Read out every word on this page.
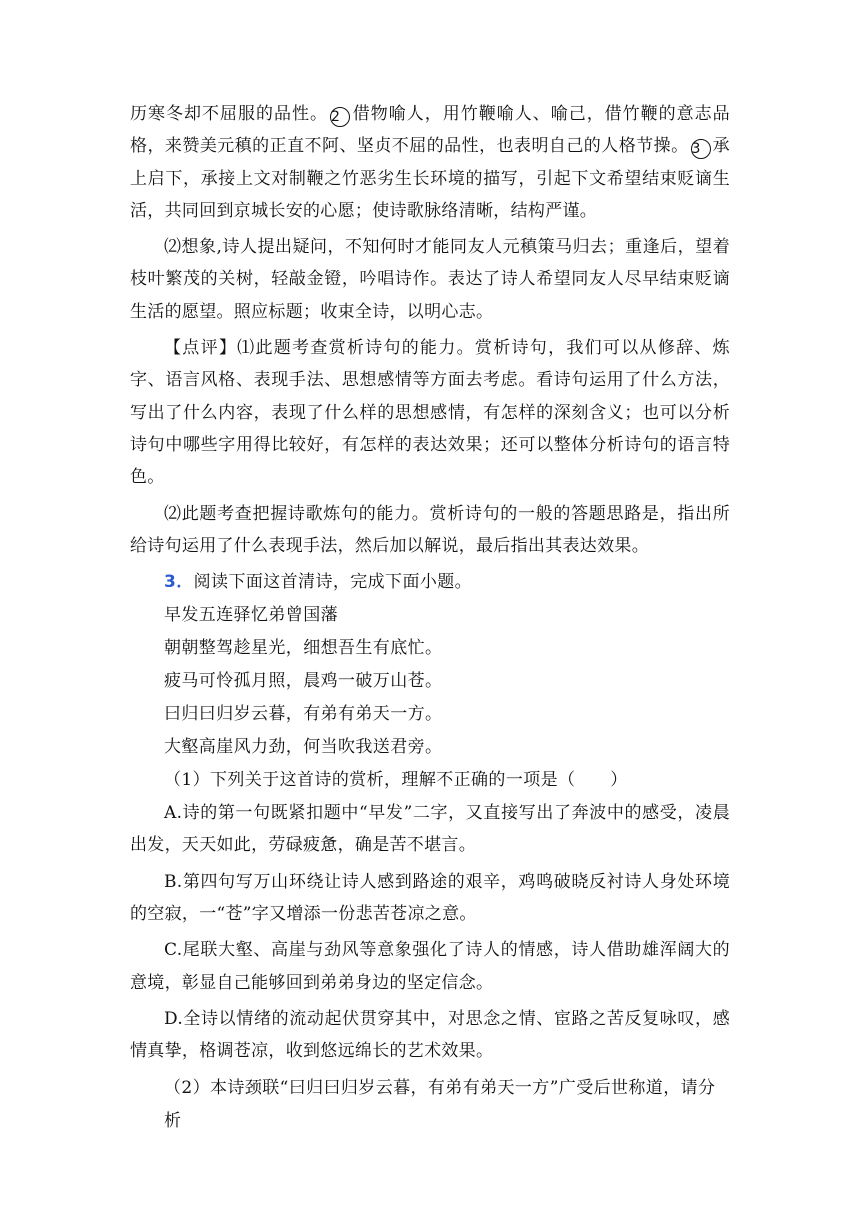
历寒冬却不屈服的品性。 2 借物喻人，用竹鞭喻人、喻己，借竹鞭的意志品格，来赞美元稹的正直不阿、坚贞不屈的品性，也表明自己的人格节操。 3 承上启下，承接上文对制鞭之竹恶劣生长环境的描写，引起下文希望结束贬谪生活，共同回到京城长安的心愿；使诗歌脉络清晰，结构严谨。

⑵想象,诗人提出疑问，不知何时才能同友人元稹策马归去；重逢后，望着枝叶繁茂的关树，轻敲金镫，吟唱诗作。表达了诗人希望同友人尽早结束贬谪生活的愿望。照应标题；收束全诗，以明心志。

【点评】⑴此题考查赏析诗句的能力。赏析诗句，我们可以从修辞、炼字、语言风格、表现手法、思想感情等方面去考虑。看诗句运用了什么方法，写出了什么内容，表现了什么样的思想感情，有怎样的深刻含义；也可以分析诗句中哪些字用得比较好，有怎样的表达效果；还可以整体分析诗句的语言特色。

⑵此题考查把握诗歌炼句的能力。赏析诗句的一般的答题思路是，指出所给诗句运用了什么表现手法，然后加以解说，最后指出其表达效果。

3．阅读下面这首清诗，完成下面小题。

早发五连驿忆弟曾国藩

朝朝整驾趁星光，细想吾生有底忙。

疲马可怜孤月照，晨鸡一破万山苍。

曰归曰归岁云暮，有弟有弟天一方。

大壑高崖风力劲，何当吹我送君旁。

（1）下列关于这首诗的赏析，理解不正确的一项是（　　）

A.诗的第一句既紧扣题中“早发”二字，又直接写出了奔波中的感受，凌晨出发，天天如此，劳碌疲惫，确是苦不堪言。

B.第四句写万山环绕让诗人感到路途的艰辛，鸡鸣破晓反衬诗人身处环境的空寂，一“苍”字又增添一份悲苦苍凉之意。

C.尾联大壑、高崖与劲风等意象强化了诗人的情感，诗人借助雄浑阔大的意境，彰显自己能够回到弟弟身边的坚定信念。

D.全诗以情绪的流动起伏贯穿其中，对思念之情、宦路之苦反复咏叹，感情真挚，格调苍凉，收到悠远绵长的艺术效果。

（2）本诗颈联“曰归曰归岁云暮，有弟有弟天一方”广受后世称道，请分析
